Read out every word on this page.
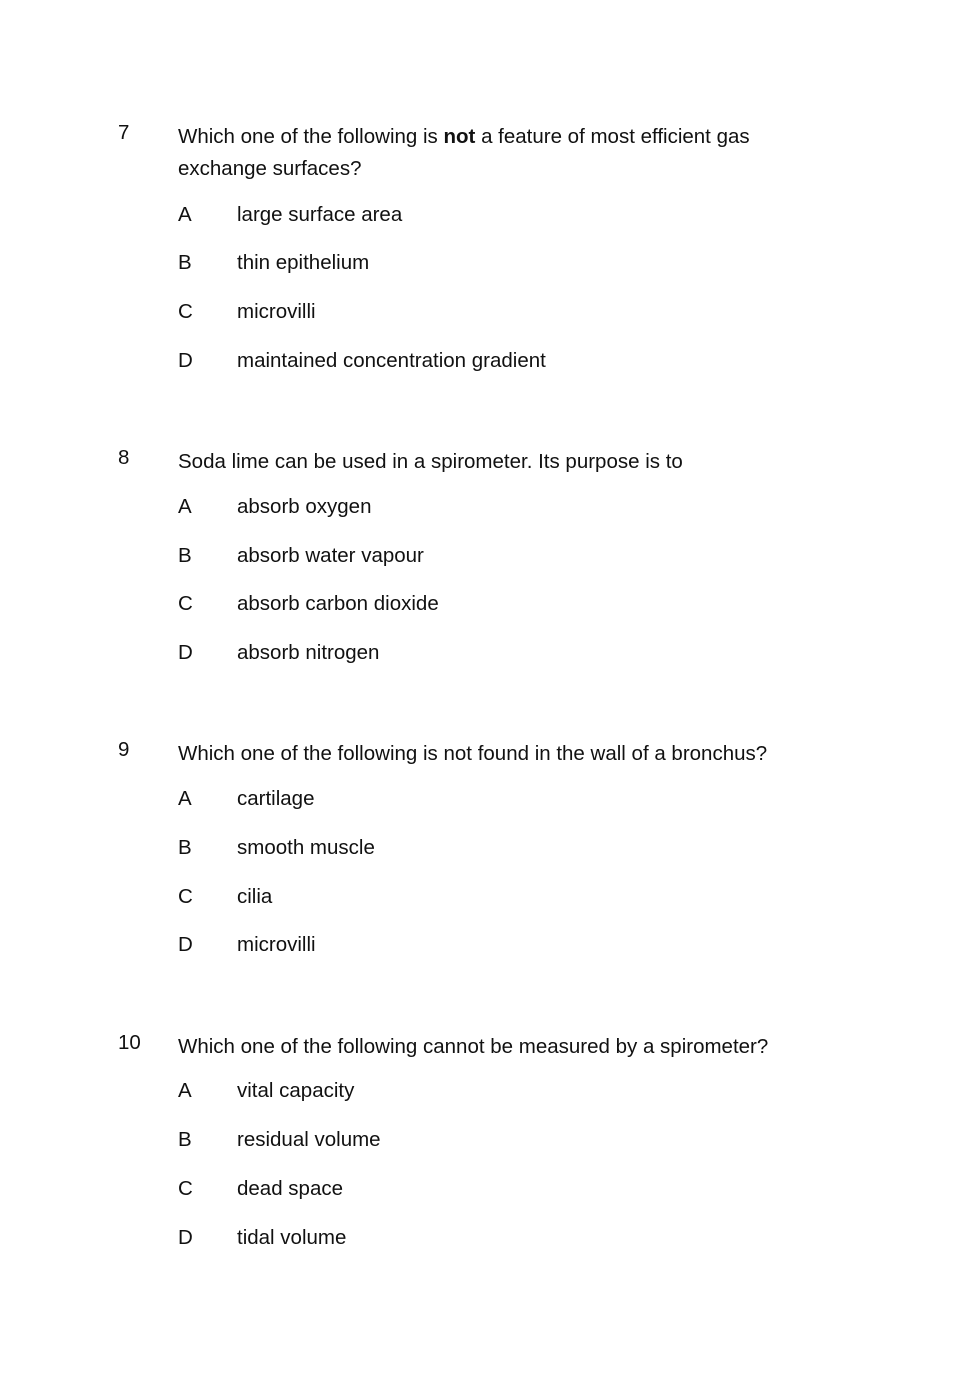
7 Which one of the following is not a feature of most efficient gas exchange surfaces?
A large surface area
B thin epithelium
C microvilli
D maintained concentration gradient
8 Soda lime can be used in a spirometer. Its purpose is to
A absorb oxygen
B absorb water vapour
C absorb carbon dioxide
D absorb nitrogen
9 Which one of the following is not found in the wall of a bronchus?
A cartilage
B smooth muscle
C cilia
D microvilli
10 Which one of the following cannot be measured by a spirometer?
A vital capacity
B residual volume
C dead space
D tidal volume
